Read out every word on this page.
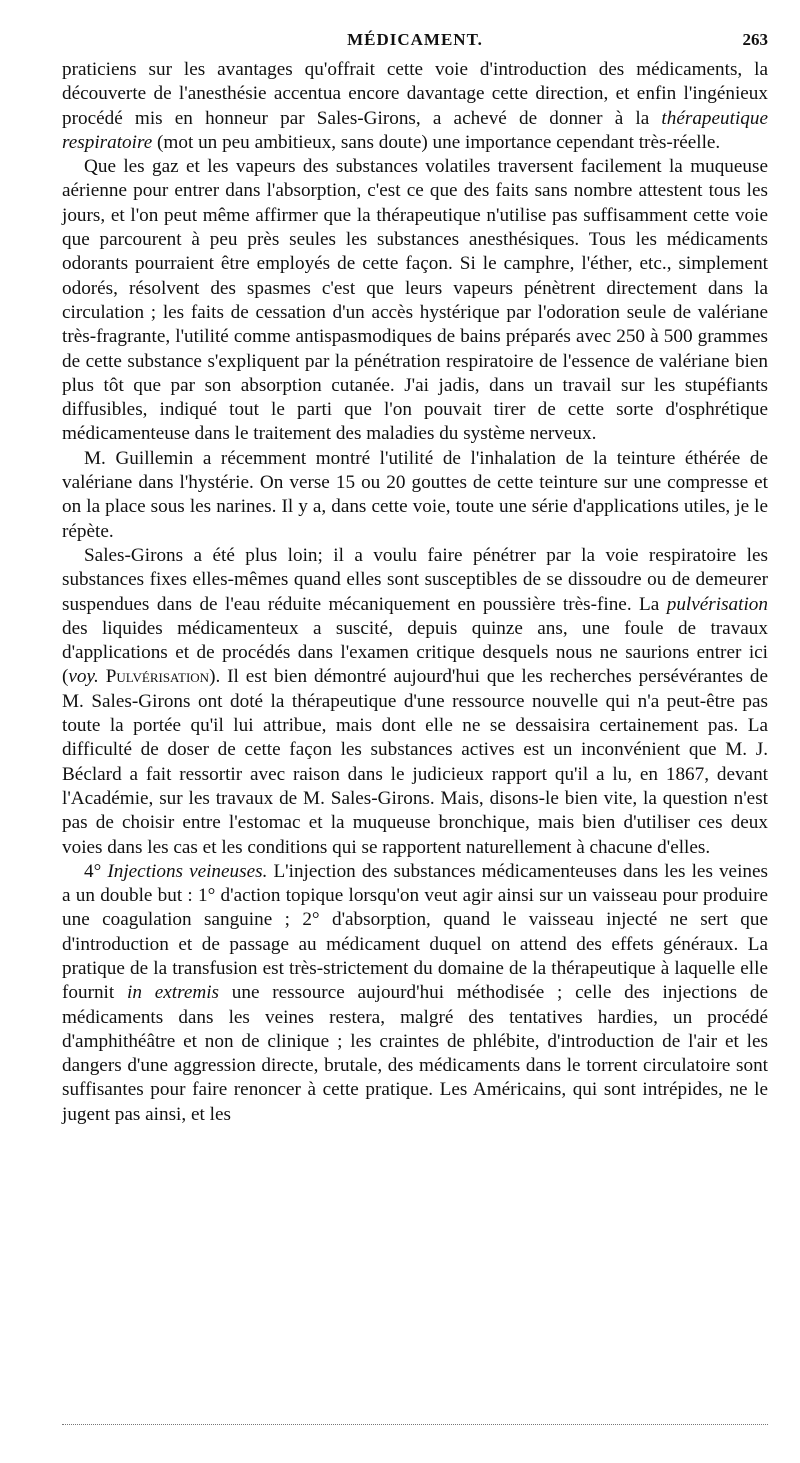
MÉDICAMENT.	263

praticiens sur les avantages qu'offrait cette voie d'introduction des médicaments, la découverte de l'anesthésie accentua encore davantage cette direction, et enfin l'ingénieux procédé mis en honneur par Sales-Girons, a achevé de donner à la thérapeutique respiratoire (mot un peu ambitieux, sans doute) une importance cependant très-réelle.

Que les gaz et les vapeurs des substances volatiles traversent facilement la muqueuse aérienne pour entrer dans l'absorption, c'est ce que des faits sans nombre attestent tous les jours, et l'on peut même affirmer que la thérapeutique n'utilise pas suffisamment cette voie que parcourent à peu près seules les substances anesthésiques. Tous les médicaments odorants pourraient être employés de cette façon. Si le camphre, l'éther, etc., simplement odorés, résolvent des spasmes c'est que leurs vapeurs pénètrent directement dans la circulation ; les faits de cessation d'un accès hystérique par l'odoration seule de valériane très-fragrante, l'utilité comme antispasmodiques de bains préparés avec 250 à 500 grammes de cette substance s'expliquent par la pénétration respiratoire de l'essence de valériane bien plus tôt que par son absorption cutanée. J'ai jadis, dans un travail sur les stupéfiants diffusibles, indiqué tout le parti que l'on pouvait tirer de cette sorte d'osphrétique médicamenteuse dans le traitement des maladies du système nerveux.

M. Guillemin a récemment montré l'utilité de l'inhalation de la teinture éthérée de valériane dans l'hystérie. On verse 15 ou 20 gouttes de cette teinture sur une compresse et on la place sous les narines. Il y a, dans cette voie, toute une série d'applications utiles, je le répète.

Sales-Girons a été plus loin; il a voulu faire pénétrer par la voie respiratoire les substances fixes elles-mêmes quand elles sont susceptibles de se dissoudre ou de demeurer suspendues dans de l'eau réduite mécaniquement en poussière très-fine. La pulvérisation des liquides médicamenteux a suscité, depuis quinze ans, une foule de travaux d'applications et de procédés dans l'examen critique desquels nous ne saurions entrer ici (voy. Pulvérisation). Il est bien démontré aujourd'hui que les recherches persévérantes de M. Sales-Girons ont doté la thérapeutique d'une ressource nouvelle qui n'a peut-être pas toute la portée qu'il lui attribue, mais dont elle ne se dessaisira certainement pas. La difficulté de doser de cette façon les substances actives est un inconvénient que M. J. Béclard a fait ressortir avec raison dans le judicieux rapport qu'il a lu, en 1867, devant l'Académie, sur les travaux de M. Sales-Girons. Mais, disons-le bien vite, la question n'est pas de choisir entre l'estomac et la muqueuse bronchique, mais bien d'utiliser ces deux voies dans les cas et les conditions qui se rapportent naturellement à chacune d'elles.

4° Injections veineuses. L'injection des substances médicamenteuses dans les les veines a un double but : 1° d'action topique lorsqu'on veut agir ainsi sur un vaisseau pour produire une coagulation sanguine ; 2° d'absorption, quand le vaisseau injecté ne sert que d'introduction et de passage au médicament duquel on attend des effets généraux. La pratique de la transfusion est très-strictement du domaine de la thérapeutique à laquelle elle fournit in extremis une ressource aujourd'hui méthodisée ; celle des injections de médicaments dans les veines restera, malgré des tentatives hardies, un procédé d'amphithéâtre et non de clinique ; les craintes de phlébite, d'introduction de l'air et les dangers d'une aggression directe, brutale, des médicaments dans le torrent circulatoire sont suffisantes pour faire renoncer à cette pratique. Les Américains, qui sont intrépides, ne le jugent pas ainsi, et les
